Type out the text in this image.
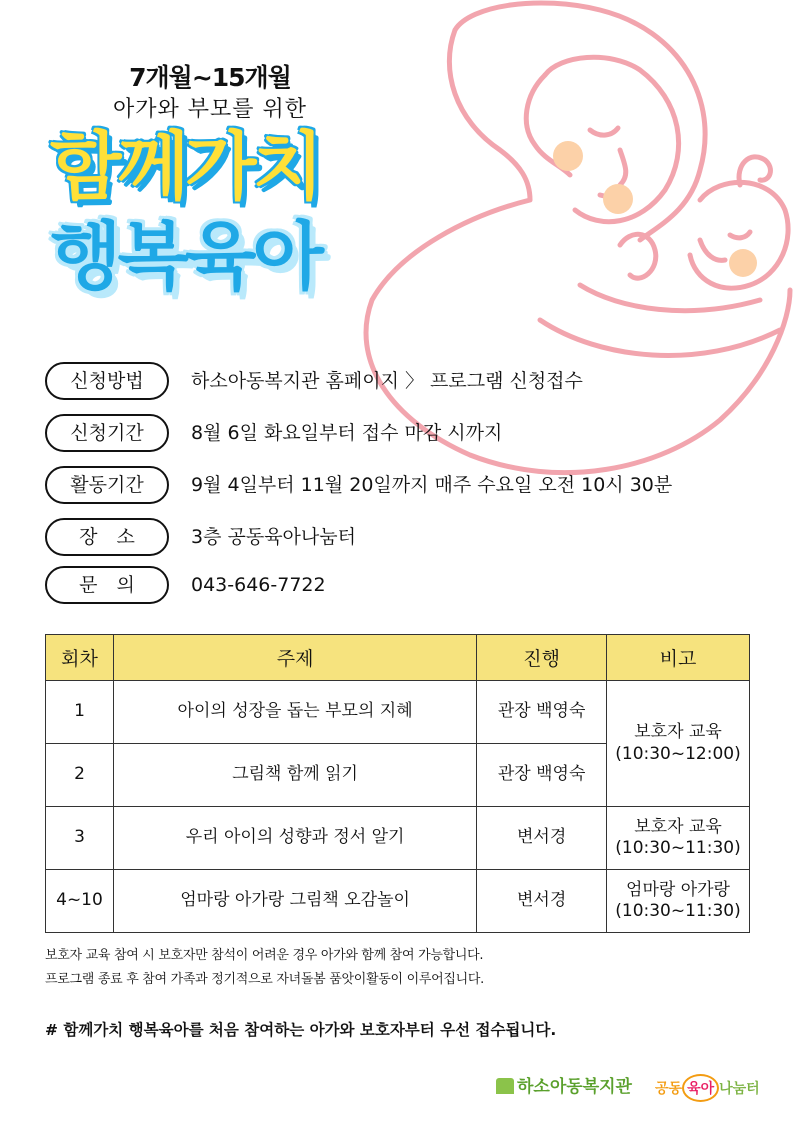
7개월~15개월
아가와 부모를 위한
함께가치
행복육아
신청방법	하소아동복지관 홈페이지 〉 프로그램 신청접수
신청기간	8월 6일 화요일부터 접수 마감 시까지
활동기간	9월 4일부터 11월 20일까지 매주 수요일 오전 10시 30분
장　소	3층 공동육아나눔터
문　의	043-646-7722
회차	주제	진행	비고
1	아이의 성장을 돕는 부모의 지혜	관장 백영숙	보호자 교육
(10:30~12:00)
2	그림책 함께 읽기	관장 백영숙	
3	우리 아이의 성향과 정서 알기	변서경	보호자 교육
(10:30~11:30)
4~10	엄마랑 아가랑 그림책 오감놀이	변서경	엄마랑 아가랑
(10:30~11:30)
보호자 교육 참여 시 보호자만 참석이 어려운 경우 아가와 함께 참여 가능합니다.
프로그램 종료 후 참여 가족과 정기적으로 자녀돌봄 품앗이활동이 이루어집니다.
# 함께가치 행복육아를 처음 참여하는 아가와 보호자부터 우선 접수됩니다.
하소아동복지관 공동 육아 나눔터
